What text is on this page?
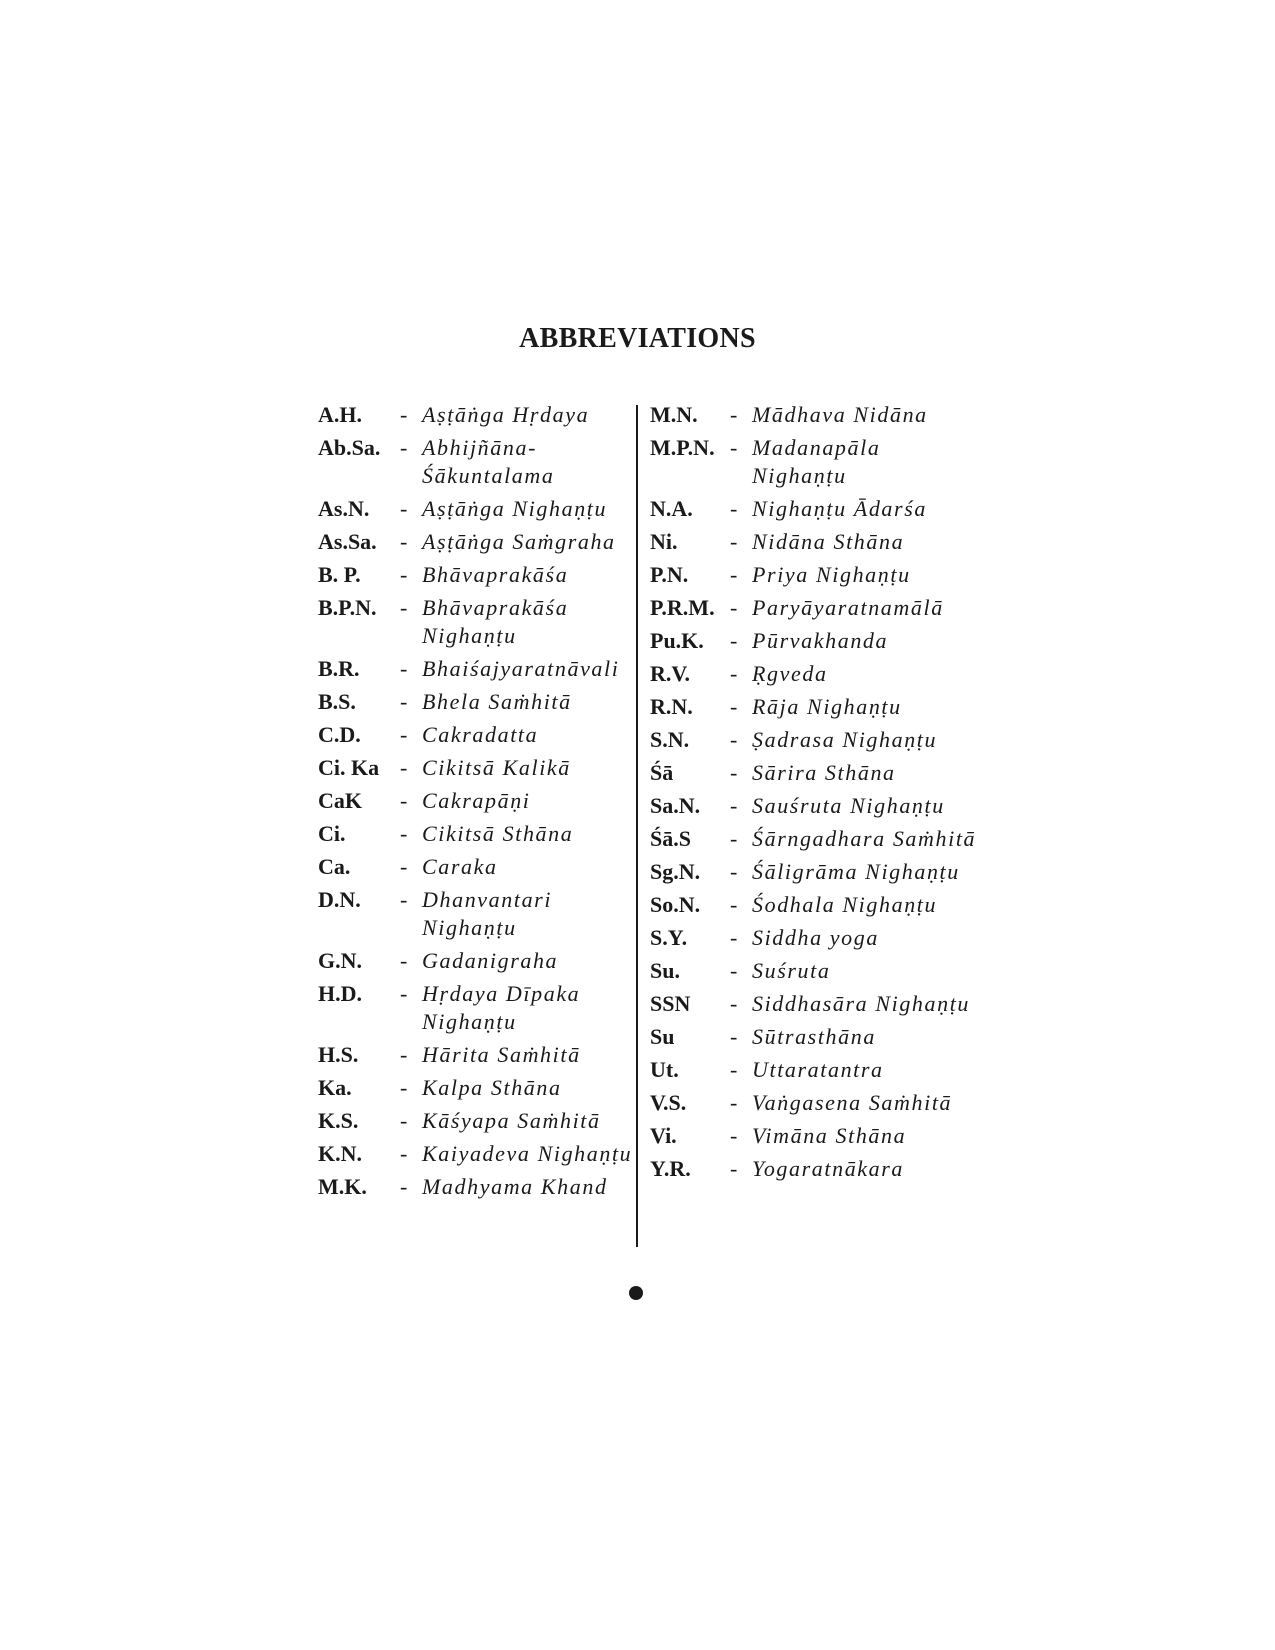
ABBREVIATIONS
A.H. - Aṣṭāṅga Hṛdaya
Ab.Sa. - Abhijñāna- Śākuntalama
As.N. - Aṣṭāṅga Nighaṇṭu
As.Sa. - Aṣṭāṅga Saṁgraha
B. P. - Bhāvaprakāśa
B.P.N. - Bhāvaprakāśa Nighaṇṭu
B.R. - Bhaiśajyaratnāvali
B.S. - Bhela Saṁhitā
C.D. - Cakradatta
Ci. Ka - Cikitsā Kalikā
CaK - Cakrapāṇi
Ci. - Cikitsā Sthāna
Ca. - Caraka
D.N. - Dhanvantari Nighaṇṭu
G.N. - Gadanigraha
H.D. - Hṛdaya Dīpaka Nighaṇṭu
H.S. - Hārita Saṁhitā
Ka. - Kalpa Sthāna
K.S. - Kāśyapa Saṁhitā
K.N. - Kaiyadeva Nighaṇṭu
M.K. - Madhyama Khand
M.N. - Mādhava Nidāna
M.P.N. - Madanapāla Nighaṇṭu
N.A. - Nighaṇṭu Ādarśa
Ni. - Nidāna Sthāna
P.N. - Priya Nighaṇṭu
P.R.M. - Paryāyaratnamālā
Pu.K. - Pūrvakhanda
R.V. - Ṛgveda
R.N. - Rāja Nighaṇṭu
S.N. - Ṣadrasa Nighaṇṭu
Śā	- Sārira Sthāna
Sa.N. - Sauśruta Nighaṇṭu
Śā.S - Śārngadhara Saṁhitā
Sg.N. - Śāligrāma Nighaṇṭu
So.N. - Śodhala Nighaṇṭu
S.Y. - Siddha yoga
Su. - Suśruta
SSN - Siddhasāra Nighaṇṭu
Su	- Sūtrasthāna
Ut. - Uttaratantra
V.S. - Vaṅgasena Saṁhitā
Vi. - Vimāna Sthāna
Y.R. - Yogaratnākara
